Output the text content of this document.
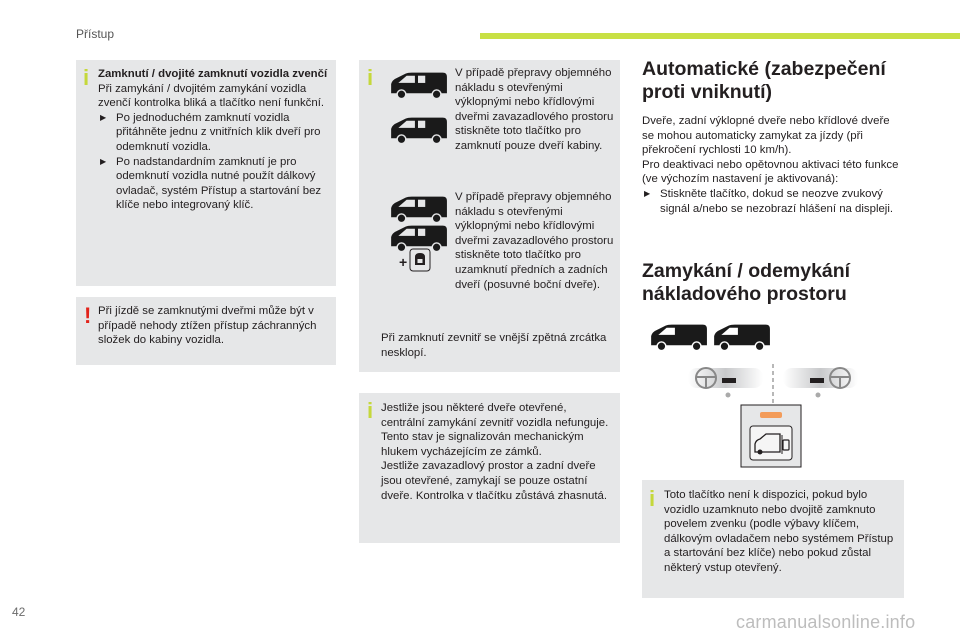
Přístup
i Zamknutí / dvojité zamknutí vozidla zvenčí
Při zamykání / dvojitém zamykání vozidla zvenčí kontrolka bliká a tlačítko není funkční.
▶ Po jednoduchém zamknutí vozidla přitáhněte jednu z vnitřních klik dveří pro odemknutí vozidla.
▶ Po nadstandardním zamknutí je pro odemknutí vozidla nutné použít dálkový ovladač, systém Přístup a startování bez klíče nebo integrovaný klíč.
! Při jízdě se zamknutými dveřmi může být v případě nehody ztížen přístup záchranných složek do kabiny vozidla.
i	V případě přepravy objemného nákladu s otevřenými výklopnými nebo křídlovými dveřmi zavazadlového prostoru stiskněte toto tlačítko pro zamknutí pouze dveří kabiny.
+
V případě přepravy objemného nákladu s otevřenými výklopnými nebo křídlovými dveřmi zavazadlového prostoru stiskněte toto tlačítko pro uzamknutí předních a zadních dveří (posuvné boční dveře).
Při zamknutí zevnitř se vnější zpětná zrcátka nesklopí.
i Jestliže jsou některé dveře otevřené, centrální zamykání zevnitř vozidla nefunguje. Tento stav je signalizován mechanickým hlukem vycházejícím ze zámků.
Jestliže zavazadlový prostor a zadní dveře jsou otevřené, zamykají se pouze ostatní dveře. Kontrolka v tlačítku zůstává zhasnutá.
Automatické (zabezpečení proti vniknutí)

Dveře, zadní výklopné dveře nebo křídlové dveře se mohou automaticky zamykat za jízdy (při překročení rychlosti 10 km/h).

Pro deaktivaci nebo opětovnou aktivaci této funkce (ve výchozím nastavení je aktivovaná):

▶ Stiskněte tlačítko, dokud se neozve zvukový signál a/nebo se nezobrazí hlášení na displeji.
Zamykání / odemykání nákladového prostoru
i Toto tlačítko není k dispozici, pokud bylo vozidlo uzamknuto nebo dvojitě zamknuto povelem zvenku (podle výbavy klíčem, dálkovým ovladačem nebo systémem Přístup a startování bez klíče) nebo pokud zůstal některý vstup otevřený.
42	carmanualsonline.info
